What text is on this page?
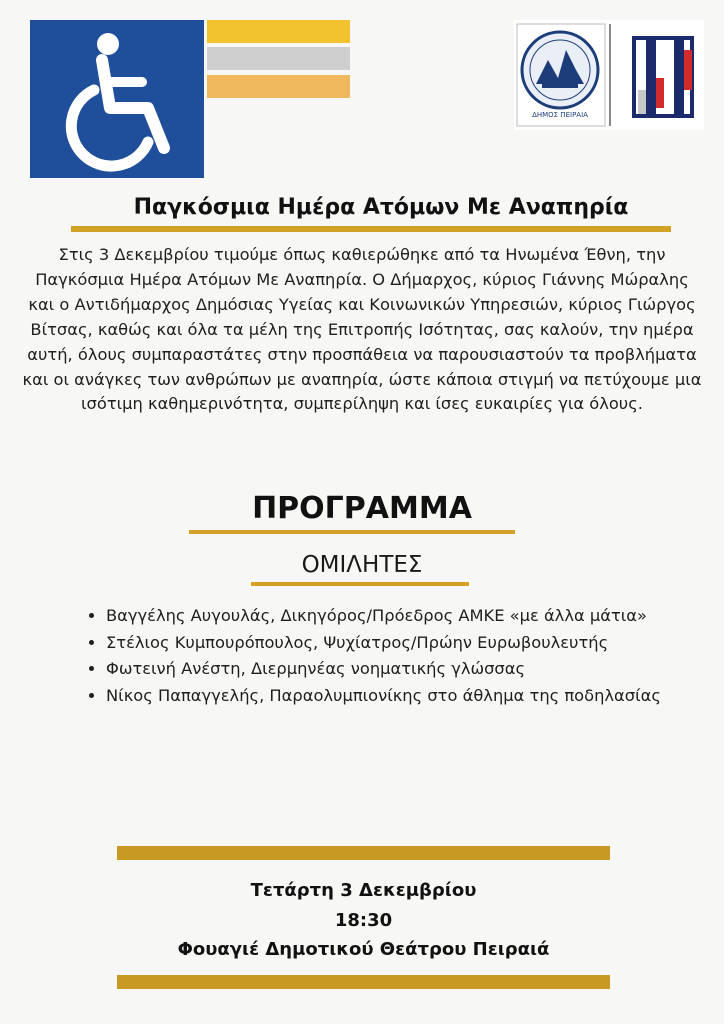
ΔΗΜΟΣ ΠΕΙΡΑΙΑ
Παγκόσμια Ημέρα Ατόμων Με Αναπηρία
Στις 3 Δεκεμβρίου τιμούμε όπως καθιερώθηκε από τα Ηνωμένα Έθνη, την Παγκόσμια Ημέρα Ατόμων Με Αναπηρία. Ο Δήμαρχος, κύριος Γιάννης Μώραλης και ο Αντιδήμαρχος Δημόσιας Υγείας και Κοινωνικών Υπηρεσιών, κύριος Γιώργος Βίτσας, καθώς και όλα τα μέλη της Επιτροπής Ισότητας, σας καλούν, την ημέρα αυτή, όλους συμπαραστάτες στην προσπάθεια να παρουσιαστούν τα προβλήματα και οι ανάγκες των ανθρώπων με αναπηρία, ώστε κάποια στιγμή να πετύχουμε μια ισότιμη καθημερινότητα, συμπερίληψη και ίσες ευκαιρίες για όλους.
ΠΡΟΓΡΑΜΜΑ
ΟΜΙΛΗΤΕΣ
• Βαγγέλης Αυγουλάς, Δικηγόρος/Πρόεδρος ΑΜΚΕ «με άλλα μάτια»
• Στέλιος Κυμπουρόπουλος, Ψυχίατρος/Πρώην Ευρωβουλευτής
• Φωτεινή Ανέστη, Διερμηνέας νοηματικής γλώσσας
• Νίκος Παπαγγελής, Παραολυμπιονίκης στο άθλημα της ποδηλασίας
Τετάρτη 3 Δεκεμβρίου
18:30
Φουαγιέ Δημοτικού Θεάτρου Πειραιά
